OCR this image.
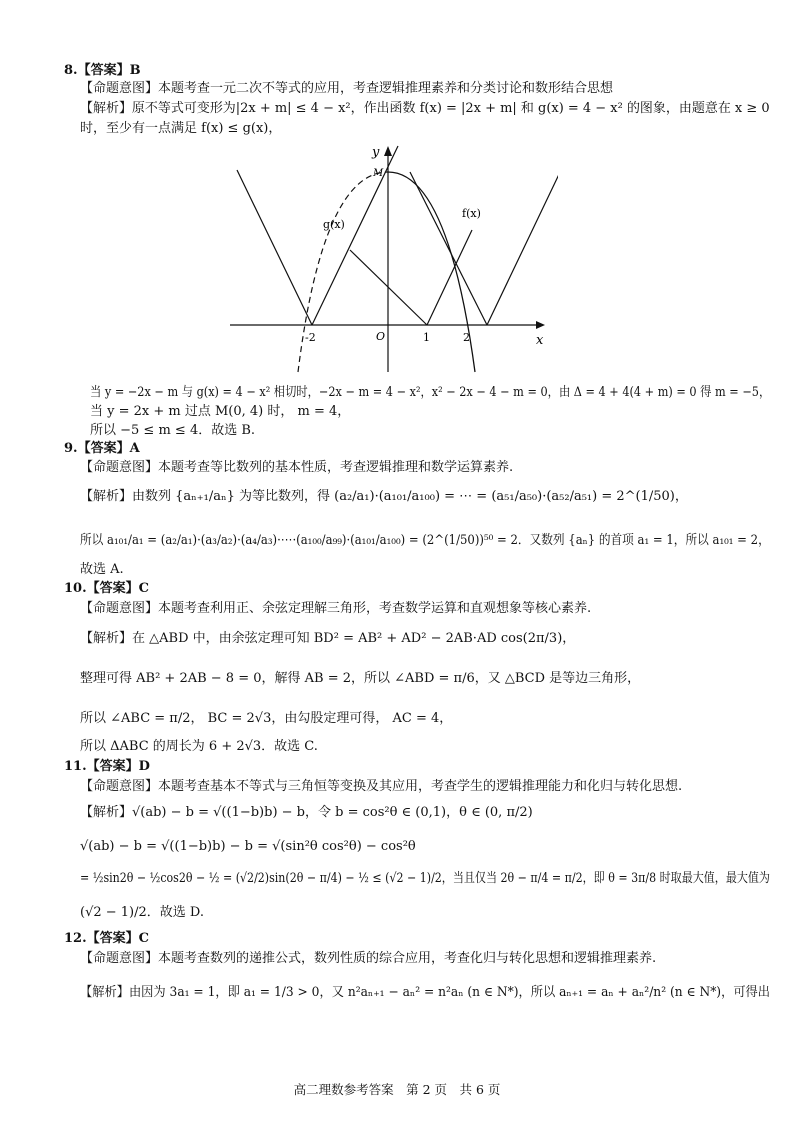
8.【答案】B
【命题意图】本题考查一元二次不等式的应用，考查逻辑推理素养和分类讨论和数形结合思想
【解析】原不等式可变形为|2x + m| ≤ 4 − x²，作出函数 f(x) = |2x + m| 和 g(x) = 4 − x² 的图象，由题意在 x ≥ 0
时，至少有一点满足 f(x) ≤ g(x)，
y
x
M
g(x)
f(x)
O
-2	1	2
当 y = −2x − m 与 g(x) = 4 − x² 相切时，−2x − m = 4 − x²，x² − 2x − 4 − m = 0，由 Δ = 4 + 4(4 + m) = 0 得 m = −5，
当 y = 2x + m 过点 M(0, 4) 时， m = 4，
所以 −5 ≤ m ≤ 4．故选 B.
9.【答案】A
【命题意图】本题考查等比数列的基本性质，考查逻辑推理和数学运算素养.
【解析】由数列 {aₙ₊₁/aₙ} 为等比数列，得 (a₂/a₁)·(a₁₀₁/a₁₀₀) = ⋯ = (a₅₁/a₅₀)·(a₅₂/a₅₁) = 2^(1/50)，
所以 a₁₀₁/a₁ = (a₂/a₁)·(a₃/a₂)·(a₄/a₃)·⋯·(a₁₀₀/a₉₉)·(a₁₀₁/a₁₀₀) = (2^(1/50))⁵⁰ = 2．又数列 {aₙ} 的首项 a₁ = 1，所以 a₁₀₁ = 2，
故选 A.
10.【答案】C
【命题意图】本题考查利用正、余弦定理解三角形，考查数学运算和直观想象等核心素养.
【解析】在 △ABD 中，由余弦定理可知 BD² = AB² + AD² − 2AB·AD cos(2π/3)，
整理可得 AB² + 2AB − 8 = 0，解得 AB = 2，所以 ∠ABD = π/6，又 △BCD 是等边三角形，
所以 ∠ABC = π/2， BC = 2√3，由勾股定理可得， AC = 4，
所以 ΔABC 的周长为 6 + 2√3．故选 C.
11.【答案】D
【命题意图】本题考查基本不等式与三角恒等变换及其应用，考查学生的逻辑推理能力和化归与转化思想.
【解析】√(ab) − b = √((1−b)b) − b，令 b = cos²θ ∈ (0,1)，θ ∈ (0, π/2)
√(ab) − b = √((1−b)b) − b = √(sin²θ cos²θ) − cos²θ
= ½sin2θ − ½cos2θ − ½ = (√2/2)sin(2θ − π/4) − ½ ≤ (√2 − 1)/2，当且仅当 2θ − π/4 = π/2，即 θ = 3π/8 时取最大值，最大值为
(√2 − 1)/2．故选 D.
12.【答案】C
【命题意图】本题考查数列的递推公式，数列性质的综合应用，考查化归与转化思想和逻辑推理素养.
【解析】由因为 3a₁ = 1，即 a₁ = 1/3 > 0，又 n²aₙ₊₁ − aₙ² = n²aₙ (n ∈ N*)，所以 aₙ₊₁ = aₙ + aₙ²/n² (n ∈ N*)，可得出
高二理数参考答案　第 2 页　共 6 页
